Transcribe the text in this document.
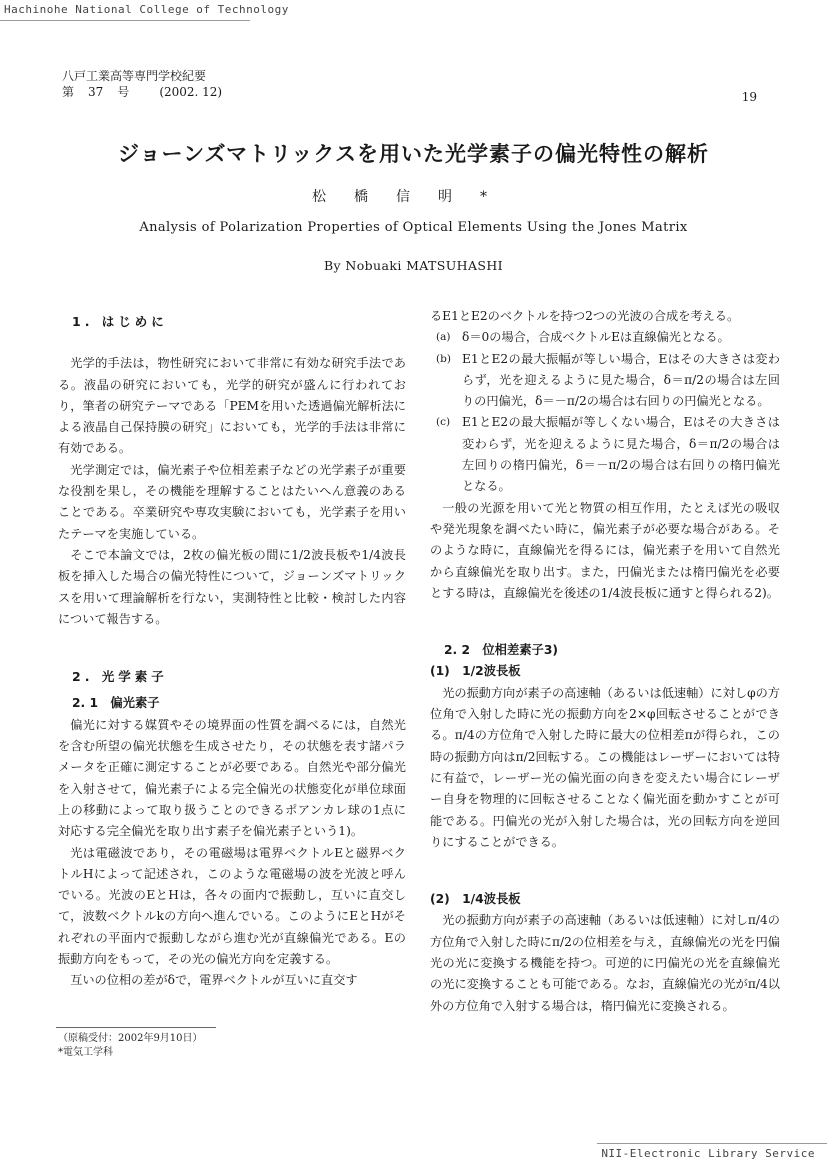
Hachinohe National College of Technology
八戸工業高等専門学校紀要
第 37 号	(2002. 12)	19
ジョーンズマトリックスを用いた光学素子の偏光特性の解析
松橋信明*
Analysis of Polarization Properties of Optical Elements Using the Jones Matrix
By Nobuaki MATSUHASHI

1. はじめに

光学的手法は，物性研究において非常に有効な研究手法である。液晶の研究においても，光学的研究が盛んに行われており，筆者の研究テーマである「PEMを用いた透過偏光解析法による液晶自己保持膜の研究」においても，光学的手法は非常に有効である。

光学測定では，偏光素子や位相差素子などの光学素子が重要な役割を果し，その機能を理解することはたいへん意義のあることである。卒業研究や専攻実験においても，光学素子を用いたテーマを実施している。

そこで本論文では，2枚の偏光板の間に1/2波長板や1/4波長板を挿入した場合の偏光特性について，ジョーンズマトリックスを用いて理論解析を行ない，実測特性と比較・検討した内容について報告する。

2. 光学素子

2. 1　偏光素子

偏光に対する媒質やその境界面の性質を調べるには，自然光を含む所望の偏光状態を生成させたり，その状態を表す諸パラメータを正確に測定することが必要である。自然光や部分偏光を入射させて，偏光素子による完全偏光の状態変化が単位球面上の移動によって取り扱うことのできるポアンカレ球の1点に対応する完全偏光を取り出す素子を偏光素子という1)。

光は電磁波であり，その電磁場は電界ベクトルEと磁界ベクトルHによって記述され，このような電磁場の波を光波と呼んでいる。光波のEとHは，各々の面内で振動し，互いに直交して，波数ベクトルkの方向へ進んでいる。このようにEとHがそれぞれの平面内で振動しながら進む光が直線偏光である。Eの振動方向をもって，その光の偏光方向を定義する。

互いの位相の差がδで，電界ベクトルが互いに直交す

るE1とE2のベクトルを持つ2つの光波の合成を考える。

(a) δ＝0の場合，合成ベクトルEは直線偏光となる。
(b) E1とE2の最大振幅が等しい場合，Eはその大きさは変わらず，光を迎えるように見た場合，δ＝π/2の場合は左回りの円偏光，δ＝－π/2の場合は右回りの円偏光となる。
(c) E1とE2の最大振幅が等しくない場合，Eはその大きさは変わらず，光を迎えるように見た場合，δ＝π/2の場合は左回りの楕円偏光，δ＝－π/2の場合は右回りの楕円偏光となる。

一般の光源を用いて光と物質の相互作用，たとえば光の吸収や発光現象を調べたい時に，偏光素子が必要な場合がある。そのような時に，直線偏光を得るには，偏光素子を用いて自然光から直線偏光を取り出す。また，円偏光または楕円偏光を必要とする時は，直線偏光を後述の1/4波長板に通すと得られる2)。

2. 2　位相差素子3)

(1)　1/2波長板

光の振動方向が素子の高速軸（あるいは低速軸）に対しφの方位角で入射した時に光の振動方向を2×φ回転させることができる。π/4の方位角で入射した時に最大の位相差πが得られ，この時の振動方向はπ/2回転する。この機能はレーザーにおいては特に有益で，レーザー光の偏光面の向きを変えたい場合にレーザー自身を物理的に回転させることなく偏光面を動かすことが可能である。円偏光の光が入射した場合は，光の回転方向を逆回りにすることができる。

(2)　1/4波長板

光の振動方向が素子の高速軸（あるいは低速軸）に対しπ/4の方位角で入射した時にπ/2の位相差を与え，直線偏光の光を円偏光の光に変換する機能を持つ。可逆的に円偏光の光を直線偏光の光に変換することも可能である。なお，直線偏光の光がπ/4以外の方位角で入射する場合は，楕円偏光に変換される。

（原稿受付：2002年9月10日）
*電気工学科
NII-Electronic Library Service
